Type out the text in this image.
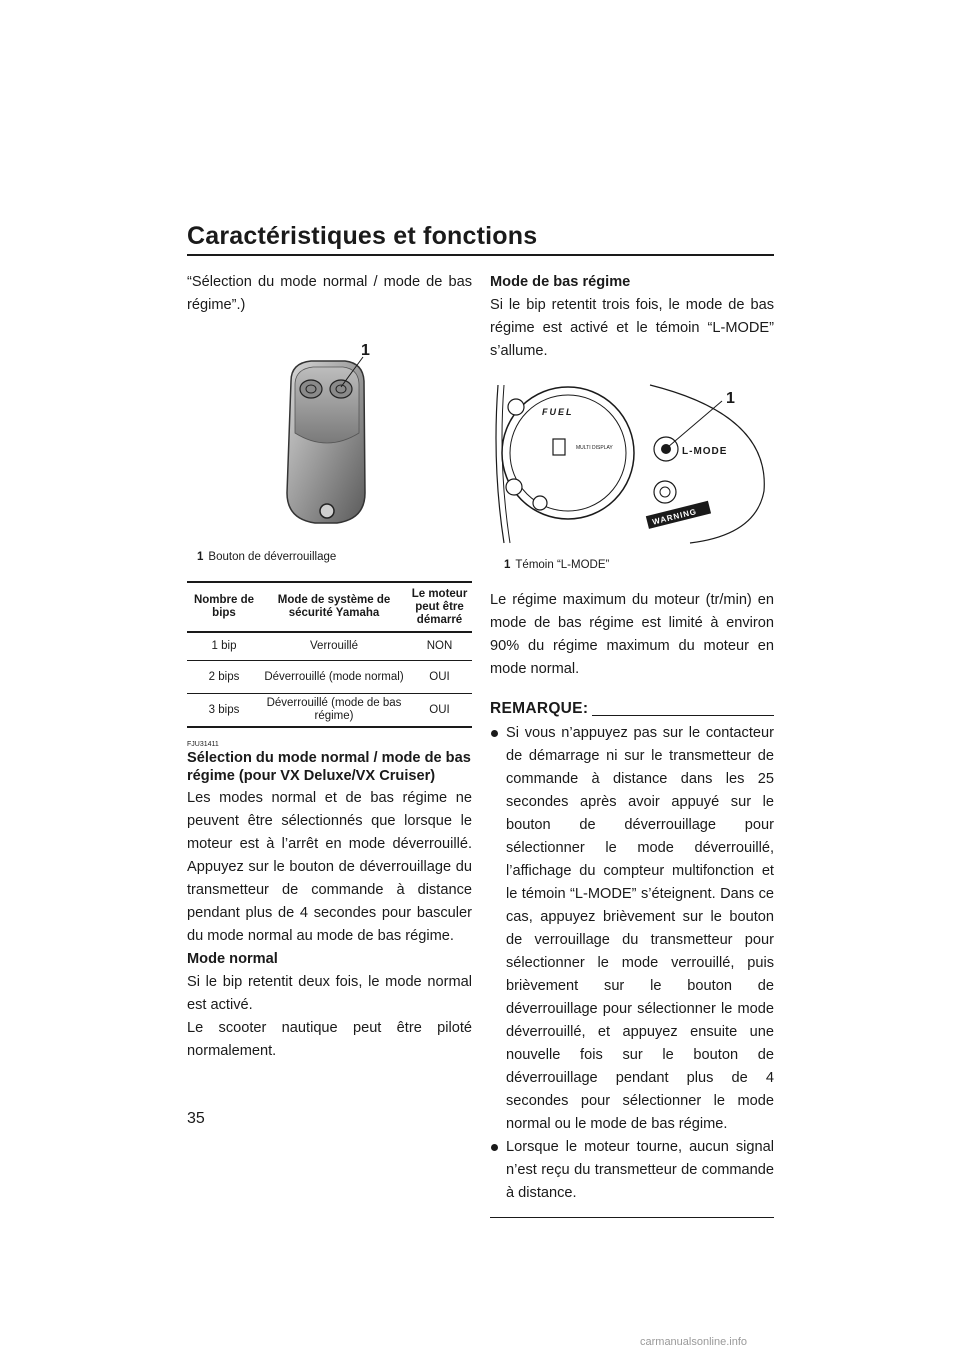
Caractéristiques et fonctions

“Sélection du mode normal / mode de bas régime”.)

1
1 Bouton de déverrouillage
Nombre de bips	Mode de système de sécurité Yamaha	Le moteur peut être démarré
1 bip	Verrouillé	NON
2 bips	Déverrouillé (mode normal)	OUI
3 bips	Déverrouillé (mode de bas régime)	OUI
FJU31411
Sélection du mode normal / mode de bas régime (pour VX Deluxe/VX Cruiser)

Les modes normal et de bas régime ne peuvent être sélectionnés que lorsque le moteur est à l’arrêt en mode déverrouillé. Appuyez sur le bouton de déverrouillage du transmetteur de commande à distance pendant plus de 4 secondes pour basculer du mode normal au mode de bas régime.

Mode normal

Si le bip retentit deux fois, le mode normal est activé.

Le scooter nautique peut être piloté normalement.

Mode de bas régime

Si le bip retentit trois fois, le mode de bas régime est activé et le témoin “L-MODE” s’allume.

FUEL
MULTI DISPLAY	L-MODE
WARNING
1
1 Témoin “L-MODE”

Le régime maximum du moteur (tr/min) en mode de bas régime est limité à environ 90% du régime maximum du moteur en mode normal.

REMARQUE:
Si vous n’appuyez pas sur le contacteur de démarrage ni sur le transmetteur de commande à distance dans les 25 secondes après avoir appuyé sur le bouton de déverrouillage pour sélectionner le mode déverrouillé, l’affichage du compteur multifonction et le témoin “L-MODE” s’éteignent. Dans ce cas, appuyez brièvement sur le bouton de verrouillage du transmetteur pour sélectionner le mode verrouillé, puis brièvement sur le bouton de déverrouillage pour sélectionner le mode déverrouillé, et appuyez ensuite une nouvelle fois sur le bouton de déverrouillage pendant plus de 4 secondes pour sélectionner le mode normal ou le mode de bas régime.
Lorsque le moteur tourne, aucun signal n’est reçu du transmetteur de commande à distance.
35
carmanualsonline.info
